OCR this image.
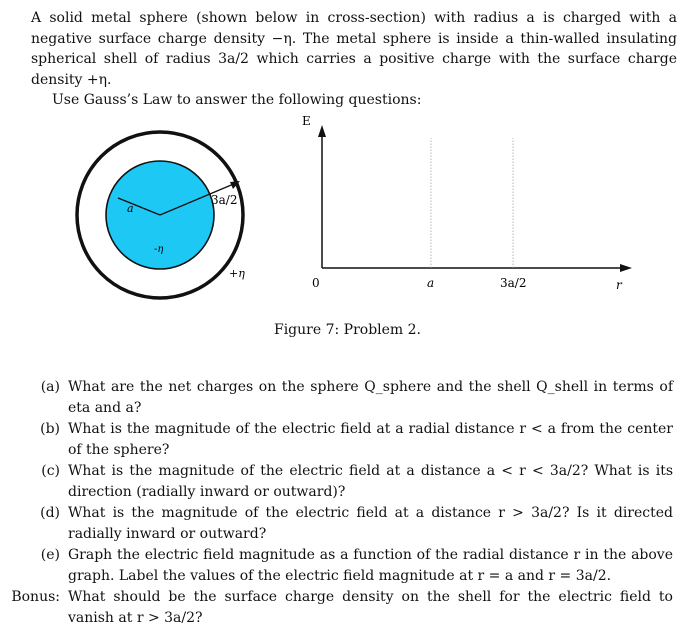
A solid metal sphere (shown below in cross-section) with radius a is charged with a negative surface charge density −η. The metal sphere is inside a thin-walled insulating spherical shell of radius 3a/2 which carries a positive charge with the surface charge density +η.

Use Gauss’s Law to answer the following questions:

a
3a/2
-η
+η
E
0	a	3a/2	r
Figure 7: Problem 2.
(a) What are the net charges on the sphere Q_sphere and the shell Q_shell in terms of eta and a?
(b) What is the magnitude of the electric field at a radial distance r < a from the center of the sphere?
(c) What is the magnitude of the electric field at a distance a < r < 3a/2? What is its direction (radially inward or outward)?
(d) What is the magnitude of the electric field at a distance r > 3a/2? Is it directed radially inward or outward?
(e) Graph the electric field magnitude as a function of the radial distance r in the above graph. Label the values of the electric field magnitude at r = a and r = 3a/2.
Bonus: What should be the surface charge density on the shell for the electric field to vanish at r > 3a/2?
